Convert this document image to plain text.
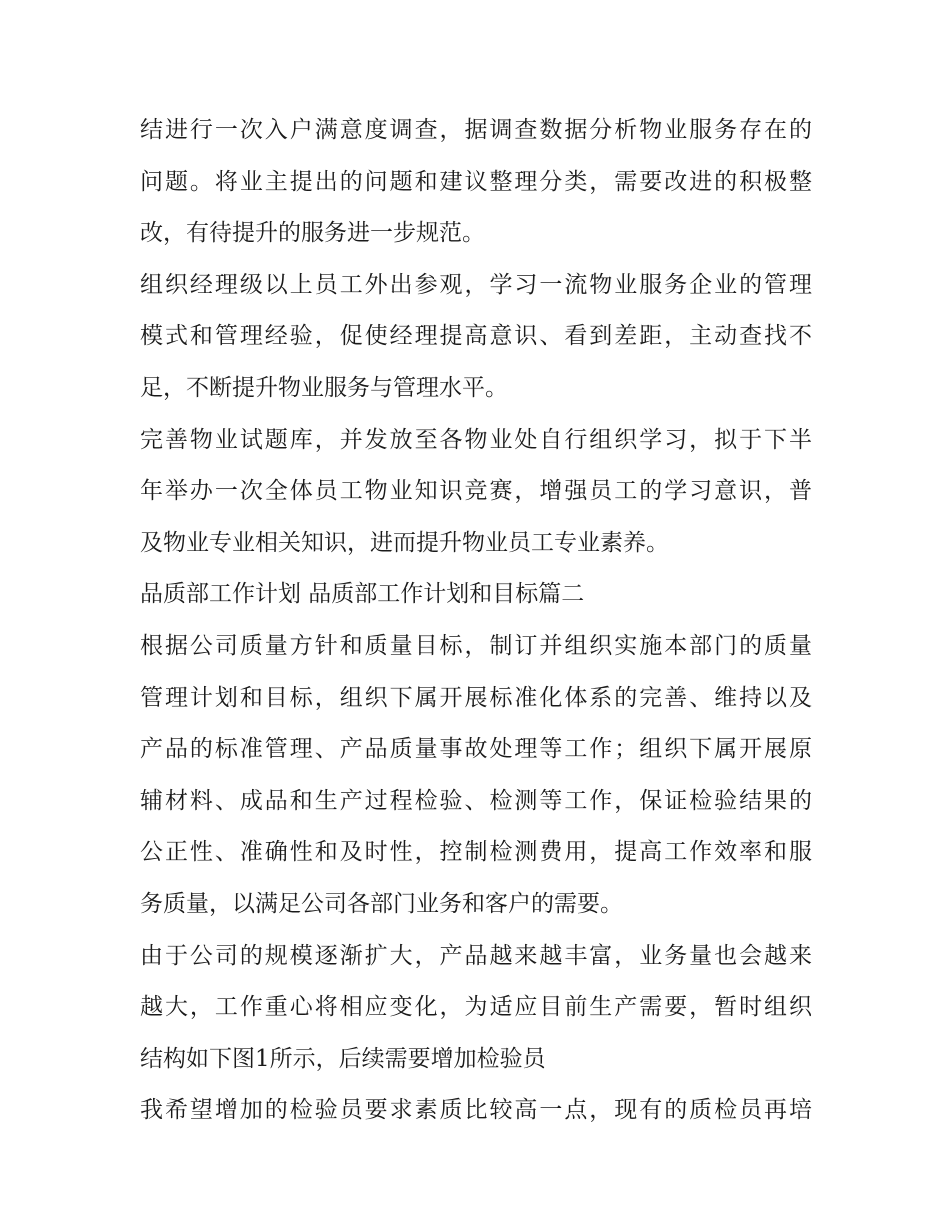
结进行一次入户满意度调查，据调查数据分析物业服务存在的
问题。将业主提出的问题和建议整理分类，需要改进的积极整
改，有待提升的服务进一步规范。
组织经理级以上员工外出参观，学习一流物业服务企业的管理
模式和管理经验，促使经理提高意识、看到差距，主动查找不
足，不断提升物业服务与管理水平。
完善物业试题库，并发放至各物业处自行组织学习，拟于下半
年举办一次全体员工物业知识竞赛，增强员工的学习意识，普
及物业专业相关知识，进而提升物业员工专业素养。
品质部工作计划 品质部工作计划和目标篇二
根据公司质量方针和质量目标，制订并组织实施本部门的质量
管理计划和目标，组织下属开展标准化体系的完善、维持以及
产品的标准管理、产品质量事故处理等工作；组织下属开展原
辅材料、成品和生产过程检验、检测等工作，保证检验结果的
公正性、准确性和及时性，控制检测费用，提高工作效率和服
务质量，以满足公司各部门业务和客户的需要。
由于公司的规模逐渐扩大，产品越来越丰富，业务量也会越来
越大，工作重心将相应变化，为适应目前生产需要，暂时组织
结构如下图1所示，后续需要增加检验员
我希望增加的检验员要求素质比较高一点，现有的质检员再培
